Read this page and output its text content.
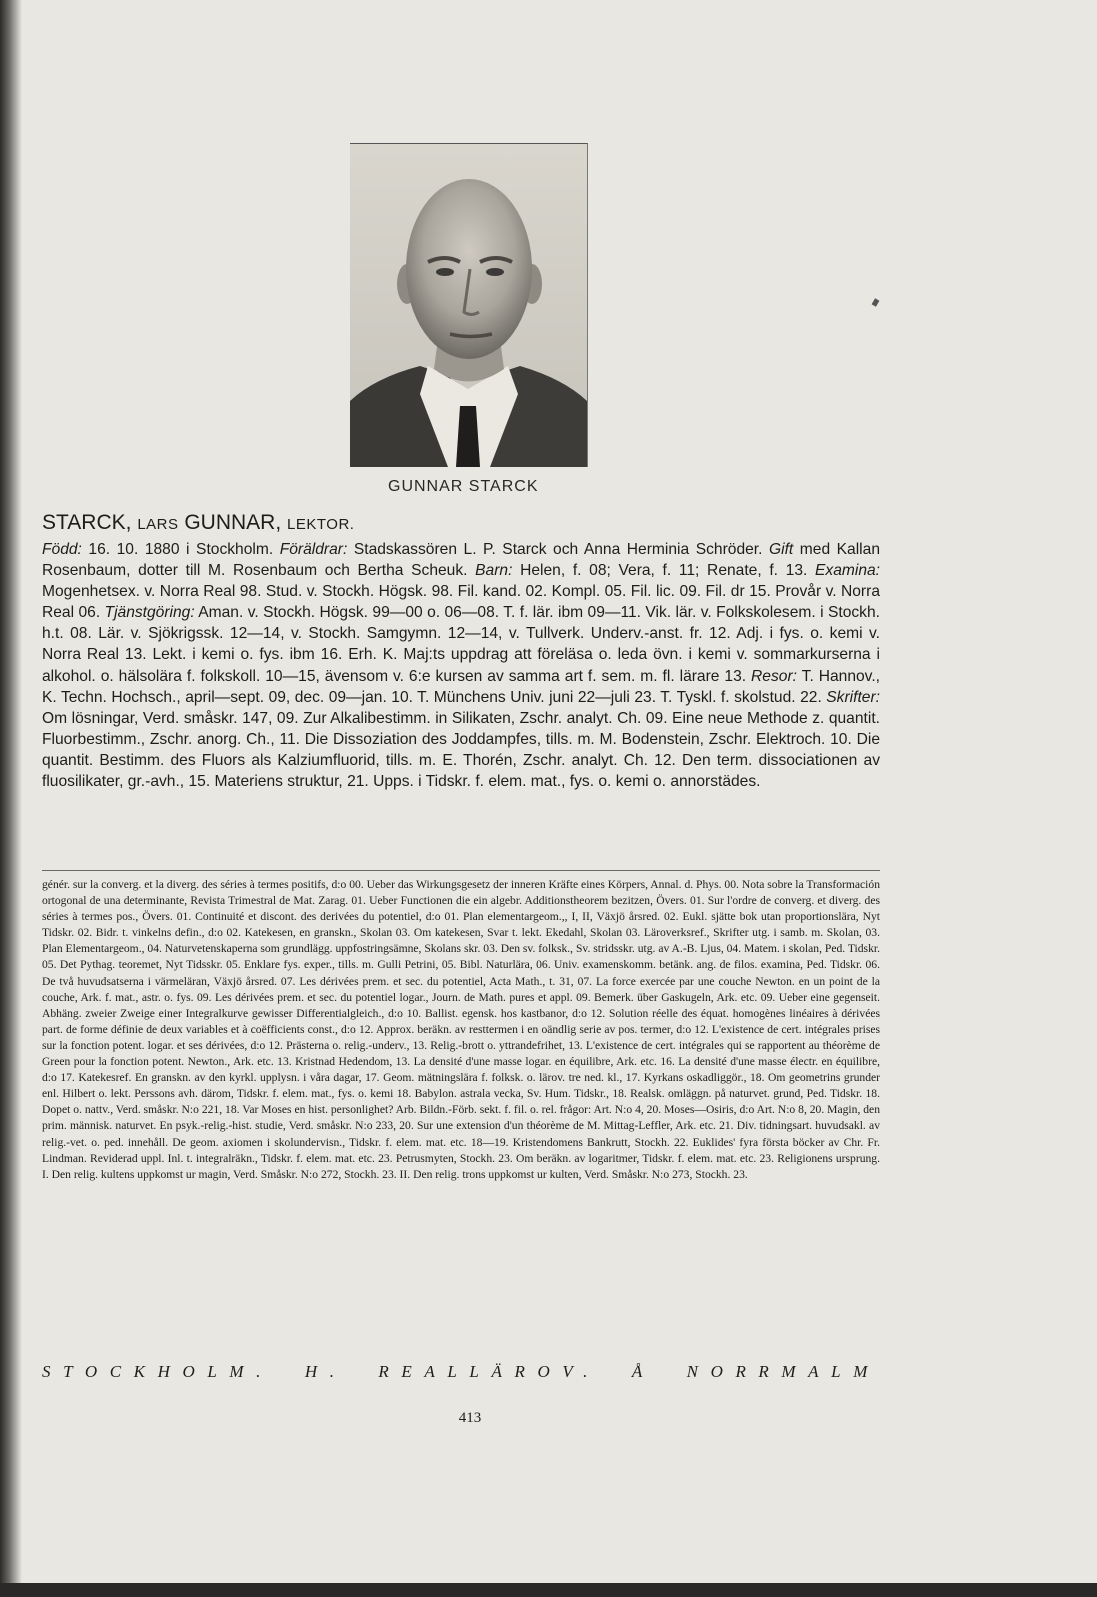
GUNNAR STARCK
STARCK, LARS GUNNAR, LEKTOR.
Född: 16. 10. 1880 i Stockholm. Föräldrar: Stadskassören L. P. Starck och Anna Herminia Schröder. Gift med Kallan Rosenbaum, dotter till M. Rosenbaum och Bertha Scheuk. Barn: Helen, f. 08; Vera, f. 11; Renate, f. 13. Examina: Mogenhetsex. v. Norra Real 98. Stud. v. Stockh. Högsk. 98. Fil. kand. 02. Kompl. 05. Fil. lic. 09. Fil. dr 15. Provår v. Norra Real 06. Tjänstgöring: Aman. v. Stockh. Högsk. 99—00 o. 06—08. T. f. lär. ibm 09—11. Vik. lär. v. Folkskolesem. i Stockh. h.t. 08. Lär. v. Sjökrigssk. 12—14, v. Stockh. Samgymn. 12—14, v. Tullverk. Underv.-anst. fr. 12. Adj. i fys. o. kemi v. Norra Real 13. Lekt. i kemi o. fys. ibm 16. Erh. K. Maj:ts uppdrag att föreläsa o. leda övn. i kemi v. sommarkurserna i alkohol. o. hälsolära f. folkskoll. 10—15, ävensom v. 6:e kursen av samma art f. sem. m. fl. lärare 13. Resor: T. Hannov., K. Techn. Hochsch., april—sept. 09, dec. 09—jan. 10. T. Münchens Univ. juni 22—juli 23. T. Tyskl. f. skolstud. 22. Skrifter: Om lösningar, Verd. småskr. 147, 09. Zur Alkalibestimm. in Silikaten, Zschr. analyt. Ch. 09. Eine neue Methode z. quantit. Fluorbestimm., Zschr. anorg. Ch., 11. Die Dissoziation des Joddampfes, tills. m. M. Bodenstein, Zschr. Elektroch. 10. Die quantit. Bestimm. des Fluors als Kalziumfluorid, tills. m. E. Thorén, Zschr. analyt. Ch. 12. Den term. dissociationen av fluosilikater, gr.-avh., 15. Materiens struktur, 21. Upps. i Tidskr. f. elem. mat., fys. o. kemi o. annorstädes.
génér. sur la converg. et la diverg. des séries à termes positifs, d:o 00. Ueber das Wirkungsgesetz der inneren Kräfte eines Körpers, Annal. d. Phys. 00. Nota sobre la Transformación ortogonal de una determinante, Revista Trimestral de Mat. Zarag. 01. Ueber Functionen die ein algebr. Additionstheorem bezitzen, Övers. 01. Sur l'ordre de converg. et diverg. des séries à termes pos., Övers. 01. Continuité et discont. des derivées du potentiel, d:o 01. Plan elementargeom.,, I, II, Växjö årsred. 02. Eukl. sjätte bok utan proportionslära, Nyt Tidskr. 02. Bidr. t. vinkelns defin., d:o 02. Katekesen, en granskn., Skolan 03. Om katekesen, Svar t. lekt. Ekedahl, Skolan 03. Läroverksref., Skrifter utg. i samb. m. Skolan, 03. Plan Elementargeom., 04. Naturvetenskaperna som grundlägg. uppfostringsämne, Skolans skr. 03. Den sv. folksk., Sv. stridsskr. utg. av A.-B. Ljus, 04. Matem. i skolan, Ped. Tidskr. 05. Det Pythag. teoremet, Nyt Tidsskr. 05. Enklare fys. exper., tills. m. Gulli Petrini, 05. Bibl. Naturlära, 06. Univ. examenskomm. betänk. ang. de filos. examina, Ped. Tidskr. 06. De två huvudsatserna i värmeläran, Växjö årsred. 07. Les dérivées prem. et sec. du potentiel, Acta Math., t. 31, 07. La force exercée par une couche Newton. en un point de la couche, Ark. f. mat., astr. o. fys. 09. Les dérivées prem. et sec. du potentiel logar., Journ. de Math. pures et appl. 09. Bemerk. über Gaskugeln, Ark. etc. 09. Ueber eine gegenseit. Abhäng. zweier Zweige einer Integralkurve gewisser Differentialgleich., d:o 10. Ballist. egensk. hos kastbanor, d:o 12. Solution réelle des équat. homogènes linéaires à dérivées part. de forme définie de deux variables et à coëfficients const., d:o 12. Approx. beräkn. av resttermen i en oändlig serie av pos. termer, d:o 12. L'existence de cert. intégrales prises sur la fonction potent. logar. et ses dérivées, d:o 12. Prästerna o. relig.-underv., 13. Relig.-brott o. yttrandefrihet, 13. L'existence de cert. intégrales qui se rapportent au théorème de Green pour la fonction potent. Newton., Ark. etc. 13. Kristnad Hedendom, 13. La densité d'une masse logar. en équilibre, Ark. etc. 16. La densité d'une masse électr. en équilibre, d:o 17. Katekesref. En granskn. av den kyrkl. upplysn. i våra dagar, 17. Geom. mätningslära f. folksk. o. lärov. tre ned. kl., 17. Kyrkans oskadliggör., 18. Om geometrins grunder enl. Hilbert o. lekt. Perssons avh. därom, Tidskr. f. elem. mat., fys. o. kemi 18. Babylon. astrala vecka, Sv. Hum. Tidskr., 18. Realsk. omläggn. på naturvet. grund, Ped. Tidskr. 18. Dopet o. nattv., Verd. småskr. N:o 221, 18. Var Moses en hist. personlighet? Arb. Bildn.-Förb. sekt. f. fil. o. rel. frågor: Art. N:o 4, 20. Moses—Osiris, d:o Art. N:o 8, 20. Magin, den prim. människ. naturvet. En psyk.-relig.-hist. studie, Verd. småskr. N:o 233, 20. Sur une extension d'un théorème de M. Mittag-Leffler, Ark. etc. 21. Div. tidningsart. huvudsakl. av relig.-vet. o. ped. innehåll. De geom. axiomen i skolundervisn., Tidskr. f. elem. mat. etc. 18—19. Kristendomens Bankrutt, Stockh. 22. Euklides' fyra första böcker av Chr. Fr. Lindman. Reviderad uppl. Inl. t. integralräkn., Tidskr. f. elem. mat. etc. 23. Petrusmyten, Stockh. 23. Om beräkn. av logaritmer, Tidskr. f. elem. mat. etc. 23. Religionens ursprung. I. Den relig. kultens uppkomst ur magin, Verd. Småskr. N:o 272, Stockh. 23. II. Den relig. trons uppkomst ur kulten, Verd. Småskr. N:o 273, Stockh. 23.
STOCKHOLM. H. REALLÄROV. Å NORRMALM
413
